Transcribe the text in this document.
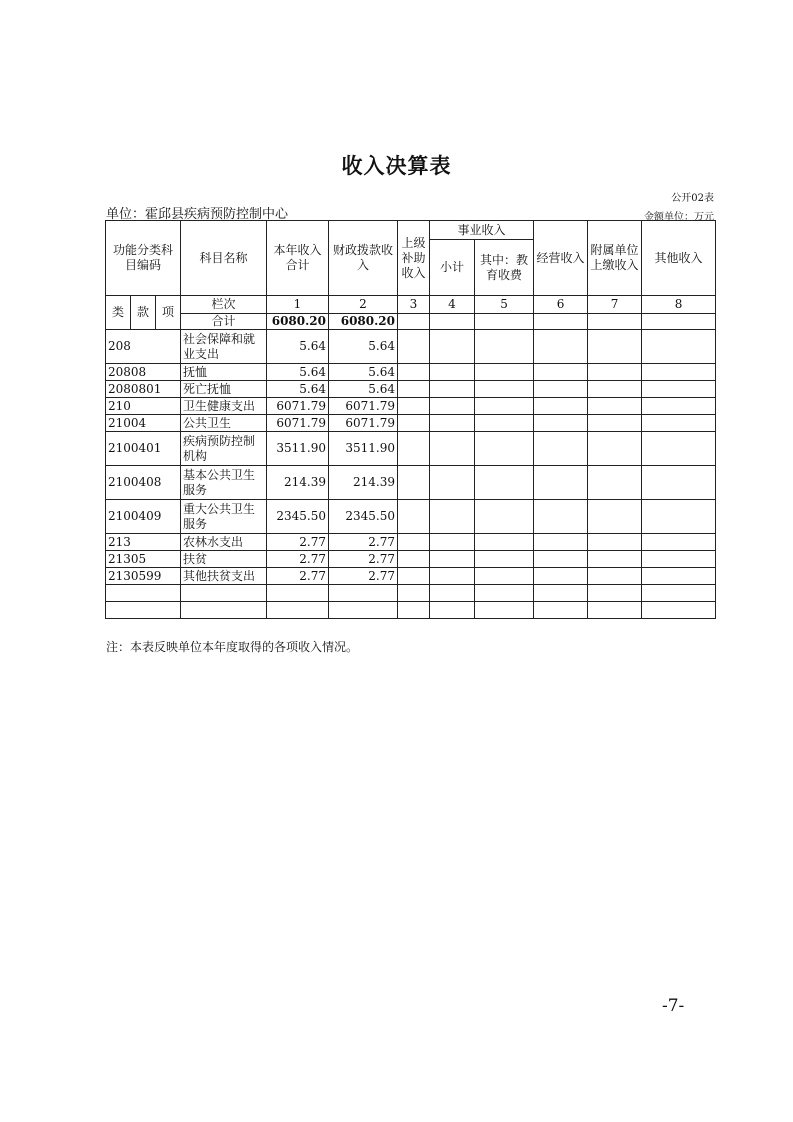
收入决算表
公开02表
单位：霍邱县疾病预防控制中心	金额单位：万元
功能分类科目编码			科目名称	本年收入合计	财政拨款收入	上级补助收入	事业收入		经营收入	附属单位上缴收入	其他收入
							小计	其中：教育收费			
类	款	项	栏次	1	2	3	4	5	6	7	8
			合计	6080.20	6080.20						
208			社会保障和就业支出	5.64	5.64						
20808			抚恤	5.64	5.64						
2080801			死亡抚恤	5.64	5.64						
210			卫生健康支出	6071.79	6071.79						
21004			公共卫生	6071.79	6071.79						
2100401			疾病预防控制机构	3511.90	3511.90						
2100408			基本公共卫生服务	214.39	214.39						
2100409			重大公共卫生服务	2345.50	2345.50						
213			农林水支出	2.77	2.77						
21305			扶贫	2.77	2.77						
2130599			其他扶贫支出	2.77	2.77						

注：本表反映单位本年度取得的各项收入情况。
-7-
